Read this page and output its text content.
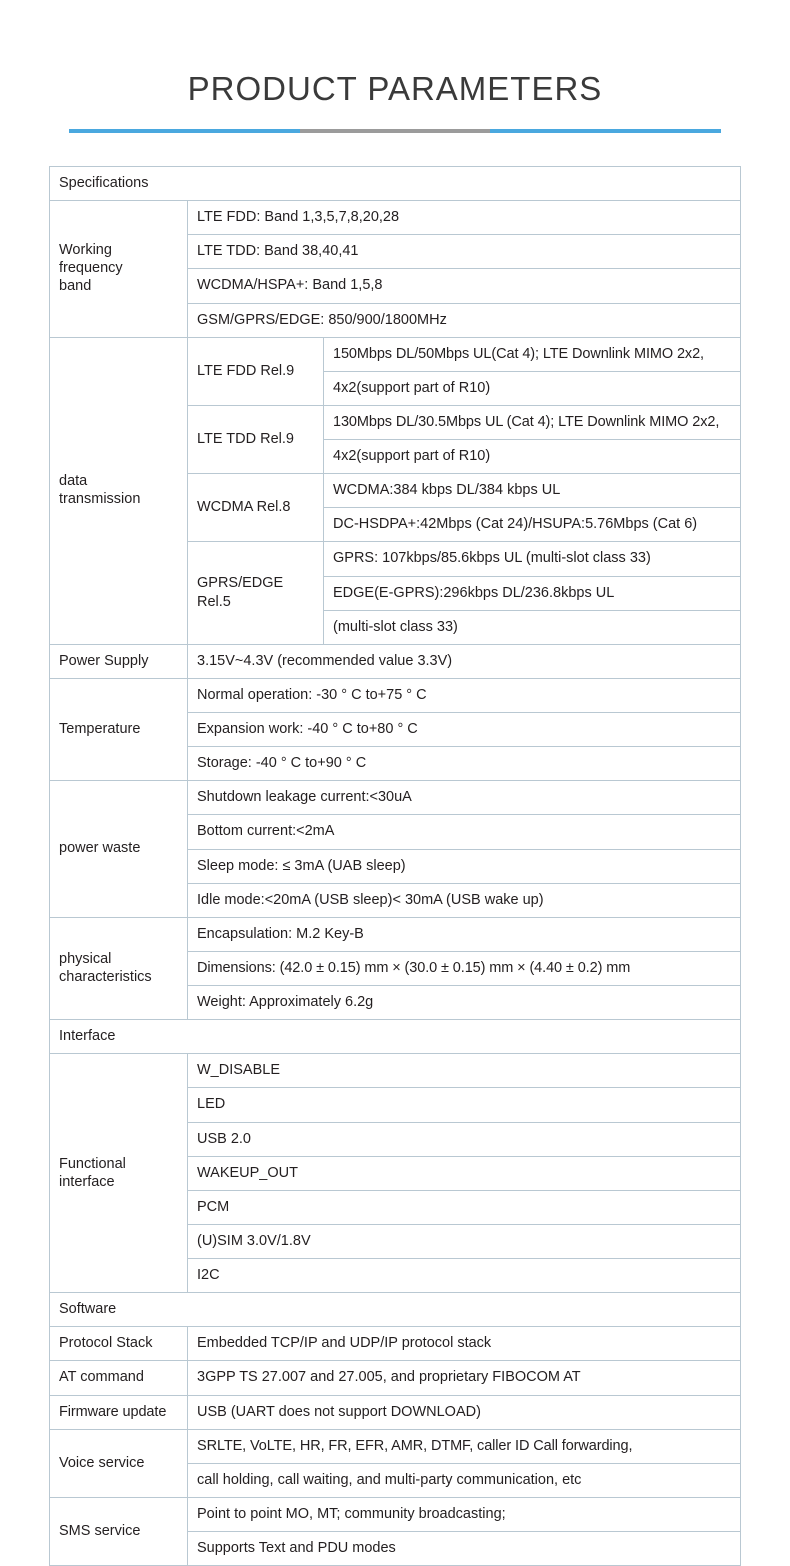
PRODUCT PARAMETERS
Specifications		

Working
frequency
band	LTE FDD: Band 1,3,5,7,8,20,28	
	LTE TDD: Band 38,40,41	
	WCDMA/HSPA+: Band 1,5,8	
	GSM/GPRS/EDGE: 850/900/1800MHz	

data
transmission	LTE FDD Rel.9	150Mbps DL/50Mbps UL(Cat 4); LTE Downlink MIMO 2x2,
		4x2(support part of R10)
	LTE TDD Rel.9	130Mbps DL/30.5Mbps UL (Cat 4); LTE Downlink MIMO 2x2,
		4x2(support part of R10)
	WCDMA Rel.8	WCDMA:384 kbps DL/384 kbps UL
		DC-HSDPA+:42Mbps (Cat 24)/HSUPA:5.76Mbps (Cat 6)
	GPRS/EDGE Rel.5	GPRS: 107kbps/85.6kbps UL (multi-slot class 33)
		EDGE(E-GPRS):296kbps DL/236.8kbps UL
		(multi-slot class 33)
Power Supply	3.15V~4.3V (recommended value 3.3V)	
Temperature	Normal operation: -30 ° C to+75 ° C	
	Expansion work: -40 ° C to+80 ° C	
	Storage: -40 ° C to+90 ° C	
power waste	Shutdown leakage current:<30uA	
	Bottom current:<2mA	
	Sleep mode: ≤ 3mA (UAB sleep)	
	Idle mode:<20mA (USB sleep)< 30mA (USB wake up)	

physical
characteristics	Encapsulation: M.2 Key-B	
	Dimensions: (42.0 ± 0.15) mm × (30.0 ± 0.15) mm × (4.40 ± 0.2) mm	
	Weight: Approximately 6.2g	
Interface		

Functional
interface	W_DISABLE	
	LED	
	USB 2.0	
	WAKEUP_OUT	
	PCM	
	(U)SIM 3.0V/1.8V	
	I2C	
Software		
Protocol Stack	Embedded TCP/IP and UDP/IP protocol stack	
AT command	3GPP TS 27.007 and 27.005, and proprietary FIBOCOM AT	
Firmware update	USB (UART does not support DOWNLOAD)	
Voice service	SRLTE, VoLTE, HR, FR, EFR, AMR, DTMF, caller ID Call forwarding,	
	call holding, call waiting, and multi-party communication, etc	
SMS service	Point to point MO, MT; community broadcasting;	
	Supports Text and PDU modes	
